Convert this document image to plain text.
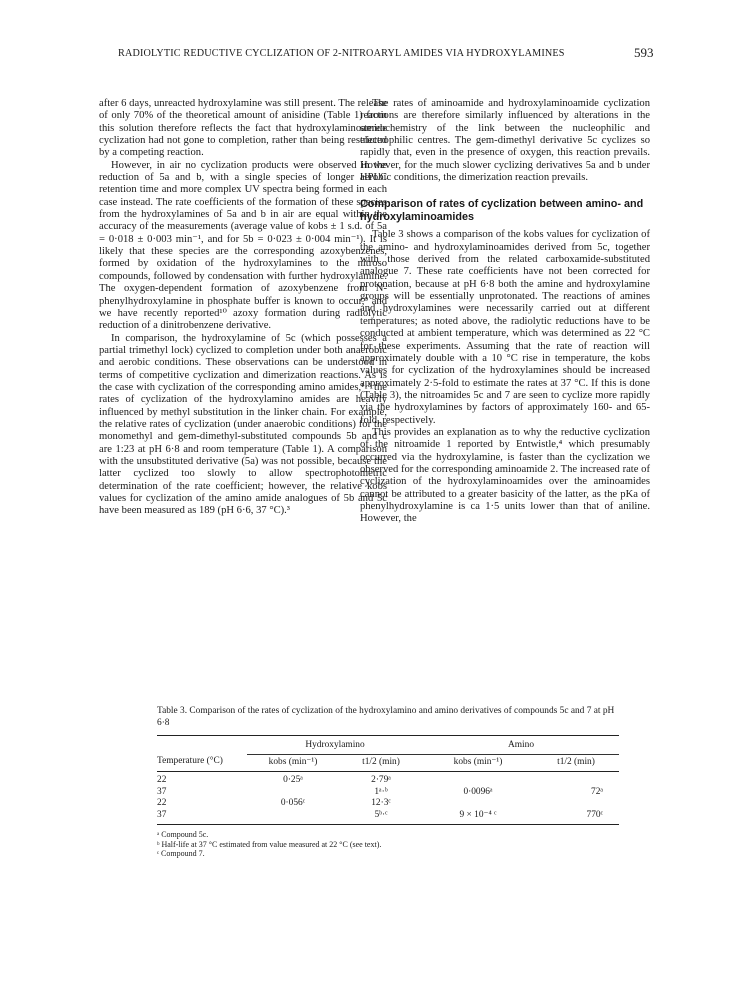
RADIOLYTIC REDUCTIVE CYCLIZATION OF 2-NITROARYL AMIDES VIA HYDROXYLAMINES	593

after 6 days, unreacted hydroxylamine was still present. The release of only 70% of the theoretical amount of anisidine (Table 1) from this solution therefore reflects the fact that hydroxylaminoamide cyclization had not gone to completion, rather than being restricted by a competing reaction.

However, in air no cyclization products were observed in the reduction of 5a and b, with a single species of longer HPLC retention time and more complex UV spectra being formed in each case instead. The rate coefficients of the formation of these species from the hydroxylamines of 5a and b in air are equal within the accuracy of the measurements (average value of kobs ± 1 s.d. of 5a = 0·018 ± 0·003 min⁻¹, and for 5b = 0·023 ± 0·004 min⁻¹). It is likely that these species are the corresponding azoxybenzenes, formed by oxidation of the hydroxylamines to the nitroso compounds, followed by condensation with further hydroxylamine. The oxygen-dependent formation of azoxybenzene from N-phenylhydroxylamine in phosphate buffer is known to occur,⁹ and we have recently reported¹⁰ azoxy formation during radiolytic reduction of a dinitrobenzene derivative.

In comparison, the hydroxylamine of 5c (which possesses a partial trimethyl lock) cyclized to completion under both anaerobic and aerobic conditions. These observations can be understood in terms of competitive cyclization and dimerization reactions. As is the case with cyclization of the corresponding amino amides,¹·³ the rates of cyclization of the hydroxylamino amides are heavily influenced by methyl substitution in the linker chain. For example, the relative rates of cyclization (under anaerobic conditions) for the monomethyl and gem-dimethyl-substituted compounds 5b and c are 1:23 at pH 6·8 and room temperature (Table 1). A comparison with the unsubstituted derivative (5a) was not possible, because the latter cyclized too slowly to allow spectrophotometric determination of the rate coefficient; however, the relative kobs values for cyclization of the amino amide analogues of 5b and 5c have been measured as 189 (pH 6·6, 37 °C).³

The rates of aminoamide and hydroxylaminoamide cyclization reactions are therefore similarly influenced by alterations in the stereochemistry of the link between the nucleophilic and electrophilic centres. The gem-dimethyl derivative 5c cyclizes so rapidly that, even in the presence of oxygen, this reaction prevails. However, for the much slower cyclizing derivatives 5a and b under aerobic conditions, the dimerization reaction prevails.

Comparison of rates of cyclization between amino- and hydroxylaminoamides

Table 3 shows a comparison of the kobs values for cyclization of the amino- and hydroxylaminoamides derived from 5c, together with those derived from the related carboxamide-substituted analogue 7. These rate coefficients have not been corrected for protonation, because at pH 6·8 both the amine and hydroxylamine groups will be essentially unprotonated. The reactions of amines and hydroxylamines were necessarily carried out at different temperatures; as noted above, the radiolytic reductions have to be conducted at ambient temperature, which was determined as 22 °C for these experiments. Assuming that the rate of reaction will approximately double with a 10 °C rise in temperature, the kobs values for cyclization of the hydroxylamines should be increased approximately 2·5-fold to estimate the rates at 37 °C. If this is done (Table 3), the nitroamides 5c and 7 are seen to cyclize more rapidly via the hydroxylamines by factors of approximately 160- and 65-fold, respectively.

This provides an explanation as to why the reductive cyclization of the nitroamide 1 reported by Entwistle,⁴ which presumably occurred via the hydroxylamine, is faster than the cyclization we observed for the corresponding aminoamide 2. The increased rate of cyclization of the hydroxylaminoamides over the aminoamides cannot be attributed to a greater basicity of the latter, as the pKa of phenylhydroxylamine is ca 1·5 units lower than that of aniline. However, the

Table 3. Comparison of the rates of cyclization of the hydroxylamino and amino derivatives of compounds 5c and 7 at pH 6·8

	Hydroxylamino		Amino	
Temperature (°C)	kobs (min⁻¹)	t1/2 (min)	kobs (min⁻¹)	t1/2 (min)

22	0·25ᵃ	2·79ᵃ		
37		1ᵃ·ᵇ	0·0096ᵃ	72ᵃ
22	0·056ᶜ	12·3ᶜ		
37		5ᵇ·ᶜ	9 × 10⁻⁴ ᶜ	770ᶜ

ᵃ Compound 5c.

ᵇ Half-life at 37 °C estimated from value measured at 22 °C (see text).

ᶜ Compound 7.
